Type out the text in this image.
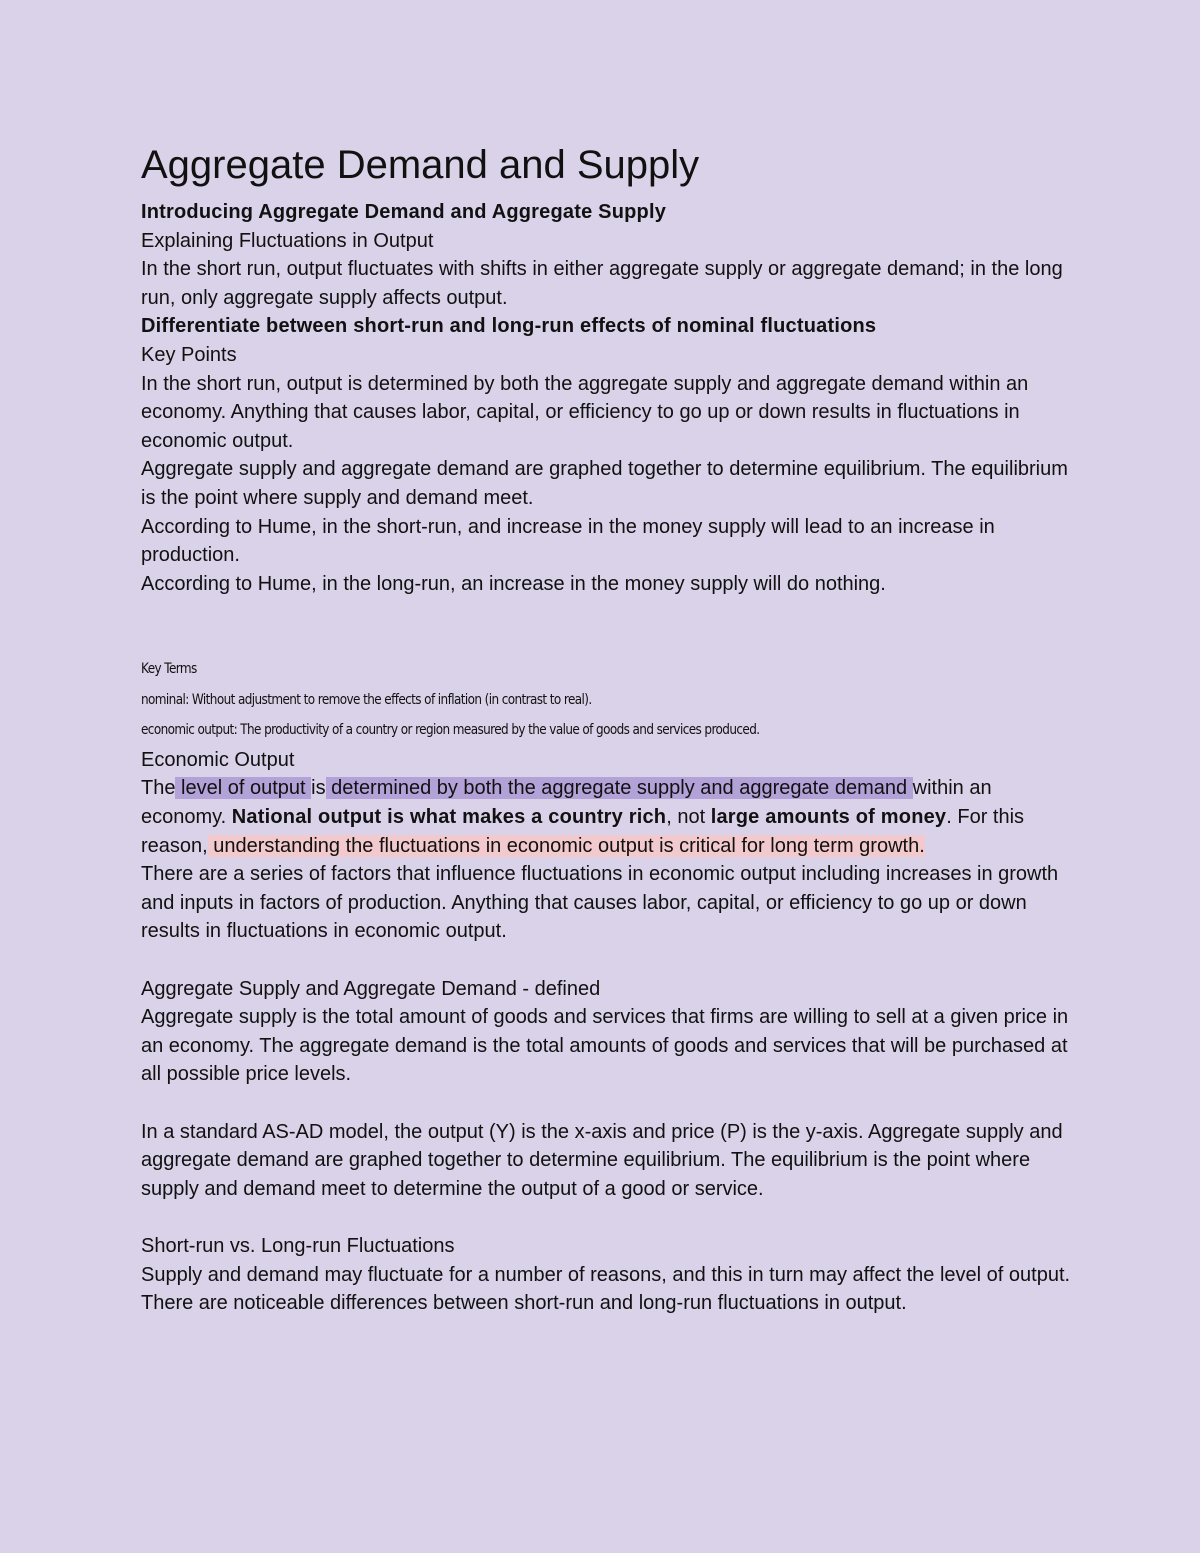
Aggregate Demand and Supply

Introducing Aggregate Demand and Aggregate Supply

Explaining Fluctuations in Output

In the short run, output fluctuates with shifts in either aggregate supply or aggregate demand; in the long run, only aggregate supply affects output.

Differentiate between short-run and long-run effects of nominal fluctuations

Key Points

In the short run, output is determined by both the aggregate supply and aggregate demand within an economy. Anything that causes labor, capital, or efficiency to go up or down results in fluctuations in economic output.

Aggregate supply and aggregate demand are graphed together to determine equilibrium. The equilibrium is the point where supply and demand meet.

According to Hume, in the short-run, and increase in the money supply will lead to an increase in production.

According to Hume, in the long-run, an increase in the money supply will do nothing.

Key Terms

nominal: Without adjustment to remove the effects of inflation (in contrast to real).

economic output: The productivity of a country or region measured by the value of goods and services produced.

Economic Output

The level of output is determined by both the aggregate supply and aggregate demand within an economy. National output is what makes a country rich, not large amounts of money. For this reason, understanding the fluctuations in economic output is critical for long term growth.

There are a series of factors that influence fluctuations in economic output including increases in growth and inputs in factors of production. Anything that causes labor, capital, or efficiency to go up or down results in fluctuations in economic output.

Aggregate Supply and Aggregate Demand - defined

Aggregate supply is the total amount of goods and services that firms are willing to sell at a given price in an economy. The aggregate demand is the total amounts of goods and services that will be purchased at all possible price levels.

In a standard AS-AD model, the output (Y) is the x-axis and price (P) is the y-axis. Aggregate supply and aggregate demand are graphed together to determine equilibrium. The equilibrium is the point where supply and demand meet to determine the output of a good or service.

Short-run vs. Long-run Fluctuations

Supply and demand may fluctuate for a number of reasons, and this in turn may affect the level of output. There are noticeable differences between short-run and long-run fluctuations in output.
